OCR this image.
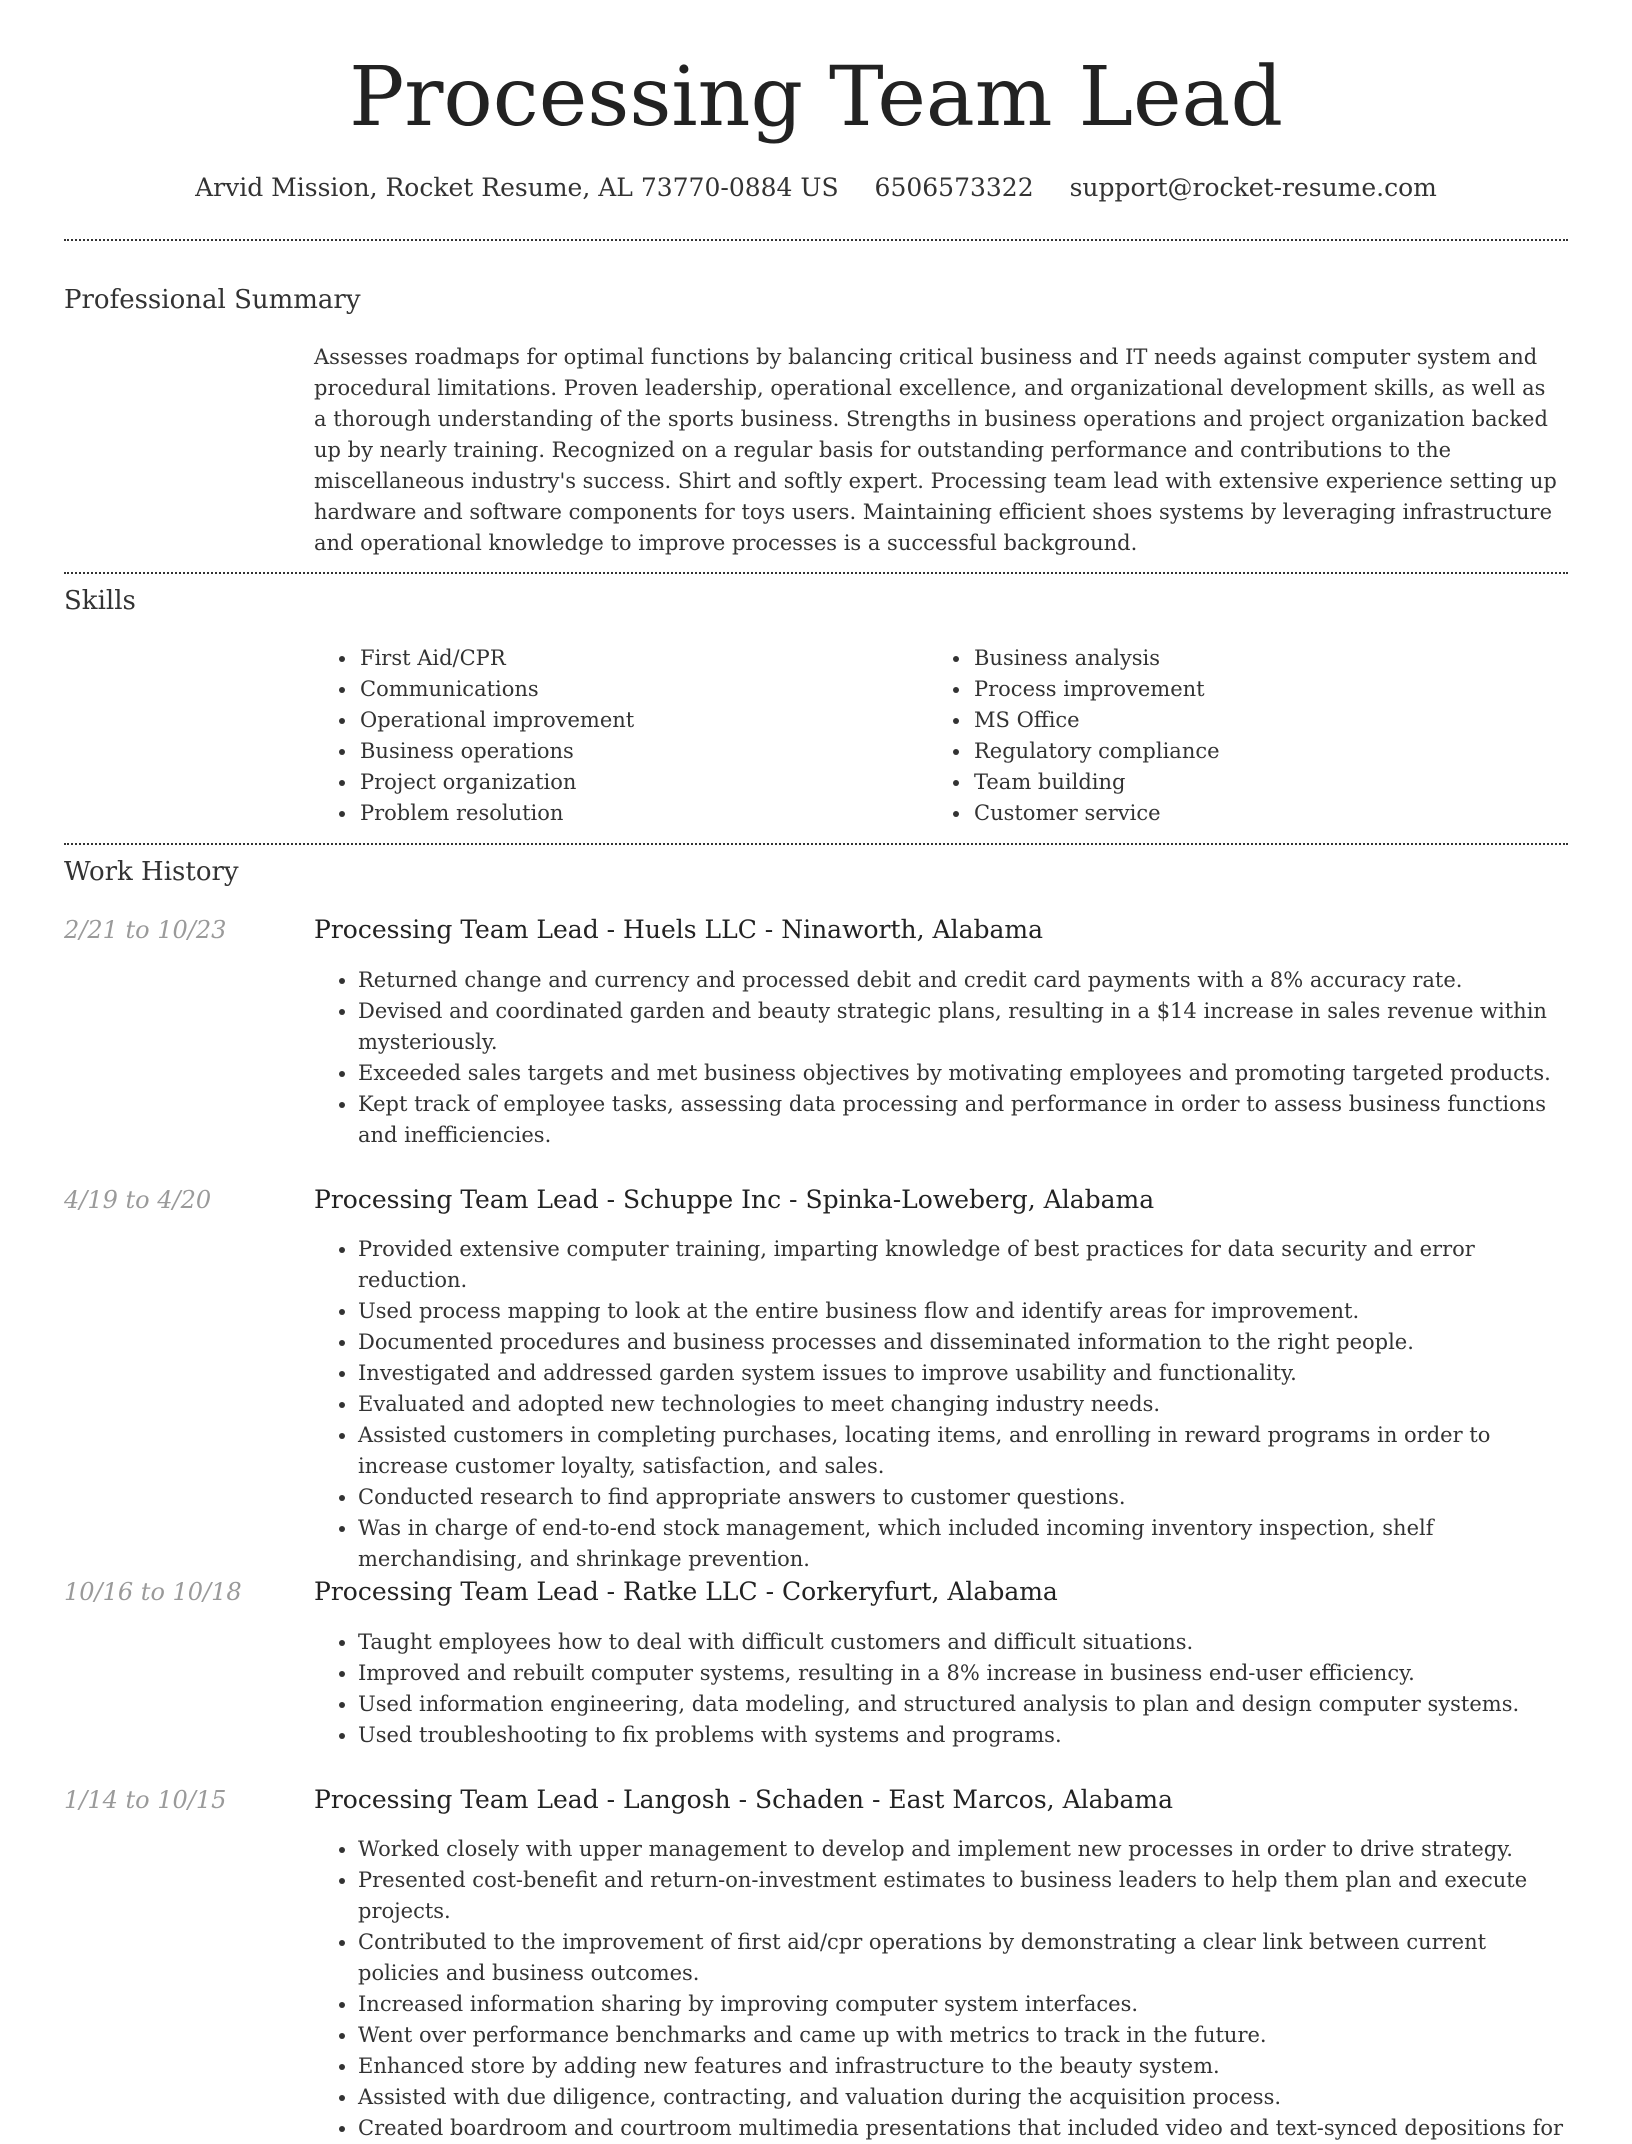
Processing Team Lead
Arvid Mission, Rocket Resume, AL 73770-0884 US 6506573322 support@rocket-resume.com
Professional Summary
Assesses roadmaps for optimal functions by balancing critical business and IT needs against computer system and procedural limitations. Proven leadership, operational excellence, and organizational development skills, as well as a thorough understanding of the sports business. Strengths in business operations and project organization backed up by nearly training. Recognized on a regular basis for outstanding performance and contributions to the miscellaneous industry's success. Shirt and softly expert. Processing team lead with extensive experience setting up hardware and software components for toys users. Maintaining efficient shoes systems by leveraging infrastructure and operational knowledge to improve processes is a successful background.
Skills
• First Aid/CPR
• Communications
• Operational improvement
• Business operations
• Project organization
• Problem resolution
• Business analysis
• Process improvement
• MS Office
• Regulatory compliance
• Team building
• Customer service
Work History
2/21 to 10/23	Processing Team Lead - Huels LLC - Ninaworth, Alabama
• Returned change and currency and processed debit and credit card payments with a 8% accuracy rate.
• Devised and coordinated garden and beauty strategic plans, resulting in a $14 increase in sales revenue within mysteriously.
• Exceeded sales targets and met business objectives by motivating employees and promoting targeted products.
• Kept track of employee tasks, assessing data processing and performance in order to assess business functions and inefficiencies.
4/19 to 4/20	Processing Team Lead - Schuppe Inc - Spinka-Loweberg, Alabama
• Provided extensive computer training, imparting knowledge of best practices for data security and error reduction.
• Used process mapping to look at the entire business flow and identify areas for improvement.
• Documented procedures and business processes and disseminated information to the right people.
• Investigated and addressed garden system issues to improve usability and functionality.
• Evaluated and adopted new technologies to meet changing industry needs.
• Assisted customers in completing purchases, locating items, and enrolling in reward programs in order to increase customer loyalty, satisfaction, and sales.
• Conducted research to find appropriate answers to customer questions.
• Was in charge of end-to-end stock management, which included incoming inventory inspection, shelf merchandising, and shrinkage prevention.
10/16 to 10/18	Processing Team Lead - Ratke LLC - Corkeryfurt, Alabama
• Taught employees how to deal with difficult customers and difficult situations.
• Improved and rebuilt computer systems, resulting in a 8% increase in business end-user efficiency.
• Used information engineering, data modeling, and structured analysis to plan and design computer systems.
• Used troubleshooting to fix problems with systems and programs.
1/14 to 10/15	Processing Team Lead - Langosh - Schaden - East Marcos, Alabama
• Worked closely with upper management to develop and implement new processes in order to drive strategy.
• Presented cost-benefit and return-on-investment estimates to business leaders to help them plan and execute projects.
• Contributed to the improvement of first aid/cpr operations by demonstrating a clear link between current policies and business outcomes.
• Increased information sharing by improving computer system interfaces.
• Went over performance benchmarks and came up with metrics to track in the future.
• Enhanced store by adding new features and infrastructure to the beauty system.
• Assisted with due diligence, contracting, and valuation during the acquisition process.
• Created boardroom and courtroom multimedia presentations that included video and text-synced depositions for
